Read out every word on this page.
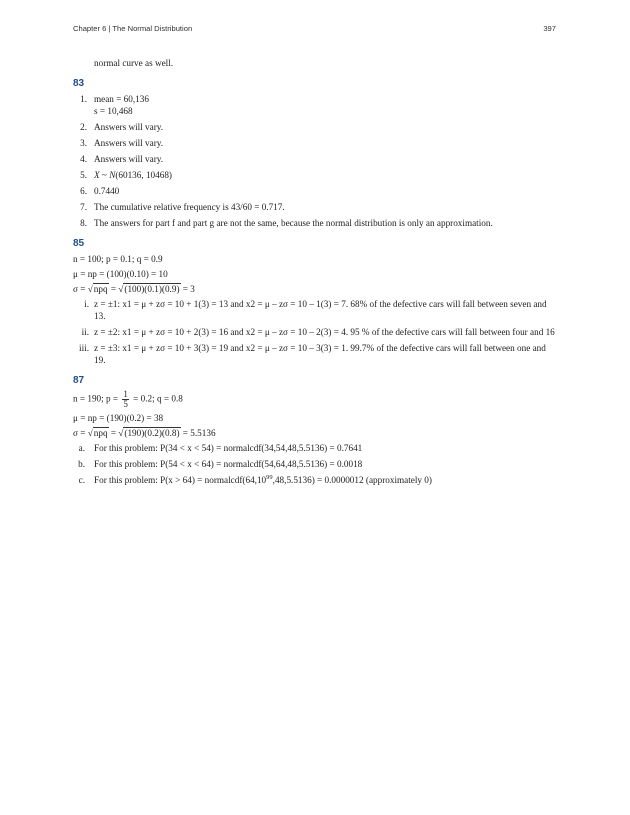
Chapter 6 | The Normal Distribution	397
normal curve as well.
83
1. mean = 60,136
s = 10,468
2. Answers will vary.
3. Answers will vary.
4. Answers will vary.
5. X ~ N(60136, 10468)
6. 0.7440
7. The cumulative relative frequency is 43/60 = 0.717.
8. The answers for part f and part g are not the same, because the normal distribution is only an approximation.
85
n = 100; p = 0.1; q = 0.9
μ = np = (100)(0.10) = 10
σ = √npq = √(100)(0.1)(0.9) = 3
i. z = ±1: x1 = μ + zσ = 10 + 1(3) = 13 and x2 = μ – zσ = 10 – 1(3) = 7. 68% of the defective cars will fall between seven and 13.
ii. z = ±2: x1 = μ + zσ = 10 + 2(3) = 16 and x2 = μ – zσ = 10 – 2(3) = 4. 95 % of the defective cars will fall between four and 16
iii. z = ±3: x1 = μ + zσ = 10 + 3(3) = 19 and x2 = μ – zσ = 10 – 3(3) = 1. 99.7% of the defective cars will fall between one and 19.
87
n = 190; $p = \frac{1}{5} = 0.2$; q = 0.8
μ = np = (190)(0.2) = 38
σ = √npq = √(190)(0.2)(0.8) = 5.5136
a. For this problem: P(34 < x < 54) = normalcdf(34,54,48,5.5136) = 0.7641
b. For this problem: P(54 < x < 64) = normalcdf(54,64,48,5.5136) = 0.0018
c. For this problem: $P(x > 64) = normalcdf(64,10^{99},48,5.5136) = 0.0000012$ (approximately 0)
